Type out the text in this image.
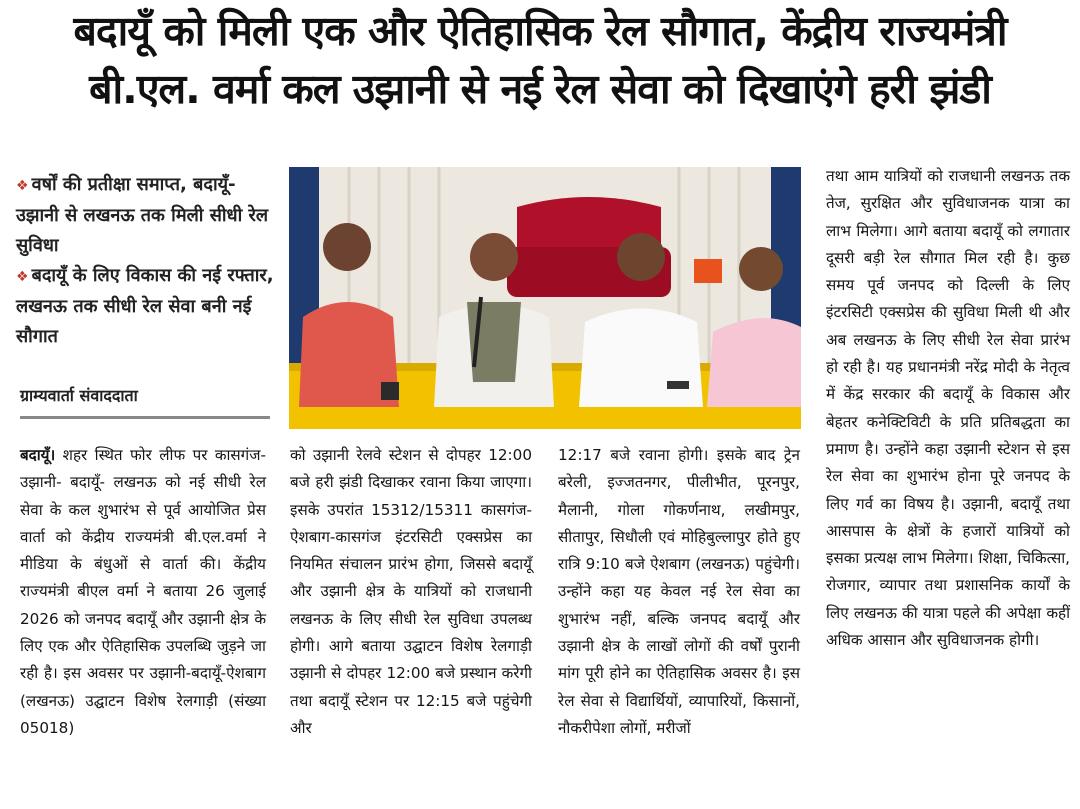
बदायूँ को मिली एक और ऐतिहासिक रेल सौगात, केंद्रीय राज्यमंत्री
बी.एल. वर्मा कल उझानी से नई रेल सेवा को दिखाएंगे हरी झंडी

❖ वर्षों की प्रतीक्षा समाप्त, बदायूँ-उझानी से लखनऊ तक मिली सीधी रेल सुविधा

❖ बदायूँ के लिए विकास की नई रफ्तार, लखनऊ तक सीधी रेल सेवा बनी नई सौगात

ग्राम्यवार्ता संवाददाता

बदायूँ। शहर स्थित फोर लीफ पर कासगंज- उझानी- बदायूँ- लखनऊ को नई सीधी रेल सेवा के कल शुभारंभ से पूर्व आयोजित प्रेस वार्ता को केंद्रीय राज्यमंत्री बी.एल.वर्मा ने मीडिया के बंधुओं से वार्ता की। केंद्रीय राज्यमंत्री बीएल वर्मा ने बताया 26 जुलाई 2026 को जनपद बदायूँ और उझानी क्षेत्र के लिए एक और ऐतिहासिक उपलब्धि जुड़ने जा रही है। इस अवसर पर उझानी-बदायूँ-ऐशबाग (लखनऊ) उद्घाटन विशेष रेलगाड़ी (संख्या 05018)

को उझानी रेलवे स्टेशन से दोपहर 12:00 बजे हरी झंडी दिखाकर रवाना किया जाएगा। इसके उपरांत 15312/15311 कासगंज-ऐशबाग-कासगंज इंटरसिटी एक्सप्रेस का नियमित संचालन प्रारंभ होगा, जिससे बदायूँ और उझानी क्षेत्र के यात्रियों को राजधानी लखनऊ के लिए सीधी रेल सुविधा उपलब्ध होगी। आगे बताया उद्घाटन विशेष रेलगाड़ी उझानी से दोपहर 12:00 बजे प्रस्थान करेगी तथा बदायूँ स्टेशन पर 12:15 बजे पहुंचेगी और

12:17 बजे रवाना होगी। इसके बाद ट्रेन बरेली, इज्जतनगर, पीलीभीत, पूरनपुर, मैलानी, गोला गोकर्णनाथ, लखीमपुर, सीतापुर, सिधौली एवं मोहिबुल्लापुर होते हुए रात्रि 9:10 बजे ऐशबाग (लखनऊ) पहुंचेगी।उन्होंने कहा यह केवल नई रेल सेवा का शुभारंभ नहीं, बल्कि जनपद बदायूँ और उझानी क्षेत्र के लाखों लोगों की वर्षों पुरानी मांग पूरी होने का ऐतिहासिक अवसर है। इस रेल सेवा से विद्यार्थियों, व्यापारियों, किसानों, नौकरीपेशा लोगों, मरीजों

तथा आम यात्रियों को राजधानी लखनऊ तक तेज, सुरक्षित और सुविधाजनक यात्रा का लाभ मिलेगा। आगे बताया बदायूँ को लगातार दूसरी बड़ी रेल सौगात मिल रही है। कुछ समय पूर्व जनपद को दिल्ली के लिए इंटरसिटी एक्सप्रेस की सुविधा मिली थी और अब लखनऊ के लिए सीधी रेल सेवा प्रारंभ हो रही है। यह प्रधानमंत्री नरेंद्र मोदी के नेतृत्व में केंद्र सरकार की बदायूँ के विकास और बेहतर कनेक्टिविटी के प्रति प्रतिबद्धता का प्रमाण है। उन्होंने कहा उझानी स्टेशन से इस रेल सेवा का शुभारंभ होना पूरे जनपद के लिए गर्व का विषय है। उझानी, बदायूँ तथा आसपास के क्षेत्रों के हजारों यात्रियों को इसका प्रत्यक्ष लाभ मिलेगा। शिक्षा, चिकित्सा, रोजगार, व्यापार तथा प्रशासनिक कार्यों के लिए लखनऊ की यात्रा पहले की अपेक्षा कहीं अधिक आसान और सुविधाजनक होगी।
